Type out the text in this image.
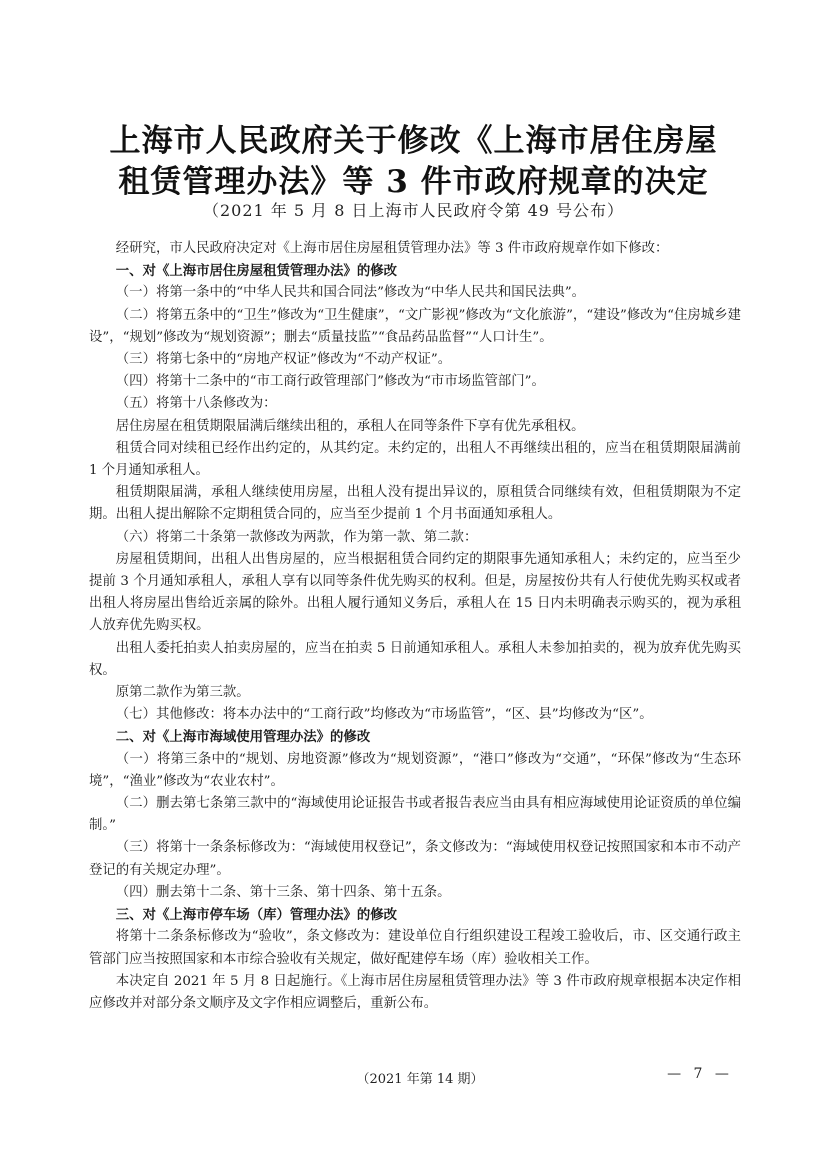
上海市人民政府关于修改《上海市居住房屋
租赁管理办法》等 3 件市政府规章的决定
（2021 年 5 月 8 日上海市人民政府令第 49 号公布）

经研究，市人民政府决定对《上海市居住房屋租赁管理办法》等 3 件市政府规章作如下修改：

一、对《上海市居住房屋租赁管理办法》的修改

（一）将第一条中的“中华人民共和国合同法”修改为“中华人民共和国民法典”。

（二）将第五条中的“卫生”修改为“卫生健康”，“文广影视”修改为“文化旅游”，“建设”修改为“住房城乡建设”，“规划”修改为“规划资源”；删去“质量技监”“食品药品监督”“人口计生”。

（三）将第七条中的“房地产权证”修改为“不动产权证”。

（四）将第十二条中的“市工商行政管理部门”修改为“市市场监管部门”。

（五）将第十八条修改为：

居住房屋在租赁期限届满后继续出租的，承租人在同等条件下享有优先承租权。

租赁合同对续租已经作出约定的，从其约定。未约定的，出租人不再继续出租的，应当在租赁期限届满前 1 个月通知承租人。

租赁期限届满，承租人继续使用房屋，出租人没有提出异议的，原租赁合同继续有效，但租赁期限为不定期。出租人提出解除不定期租赁合同的，应当至少提前 1 个月书面通知承租人。

（六）将第二十条第一款修改为两款，作为第一款、第二款：

房屋租赁期间，出租人出售房屋的，应当根据租赁合同约定的期限事先通知承租人；未约定的，应当至少提前 3 个月通知承租人，承租人享有以同等条件优先购买的权利。但是，房屋按份共有人行使优先购买权或者出租人将房屋出售给近亲属的除外。出租人履行通知义务后，承租人在 15 日内未明确表示购买的，视为承租人放弃优先购买权。

出租人委托拍卖人拍卖房屋的，应当在拍卖 5 日前通知承租人。承租人未参加拍卖的，视为放弃优先购买权。

原第二款作为第三款。

（七）其他修改：将本办法中的“工商行政”均修改为“市场监管”，“区、县”均修改为“区”。

二、对《上海市海域使用管理办法》的修改

（一）将第三条中的“规划、房地资源”修改为“规划资源”，“港口”修改为“交通”，“环保”修改为“生态环境”，“渔业”修改为“农业农村”。

（二）删去第七条第三款中的“海域使用论证报告书或者报告表应当由具有相应海域使用论证资质的单位编制。”

（三）将第十一条条标修改为：“海域使用权登记”，条文修改为：“海域使用权登记按照国家和本市不动产登记的有关规定办理”。

（四）删去第十二条、第十三条、第十四条、第十五条。

三、对《上海市停车场（库）管理办法》的修改

将第十二条条标修改为“验收”，条文修改为：建设单位自行组织建设工程竣工验收后，市、区交通行政主管部门应当按照国家和本市综合验收有关规定，做好配建停车场（库）验收相关工作。

本决定自 2021 年 5 月 8 日起施行。《上海市居住房屋租赁管理办法》等 3 件市政府规章根据本决定作相应修改并对部分条文顺序及文字作相应调整后，重新公布。

（2021 年第 14 期）	— 7 —
